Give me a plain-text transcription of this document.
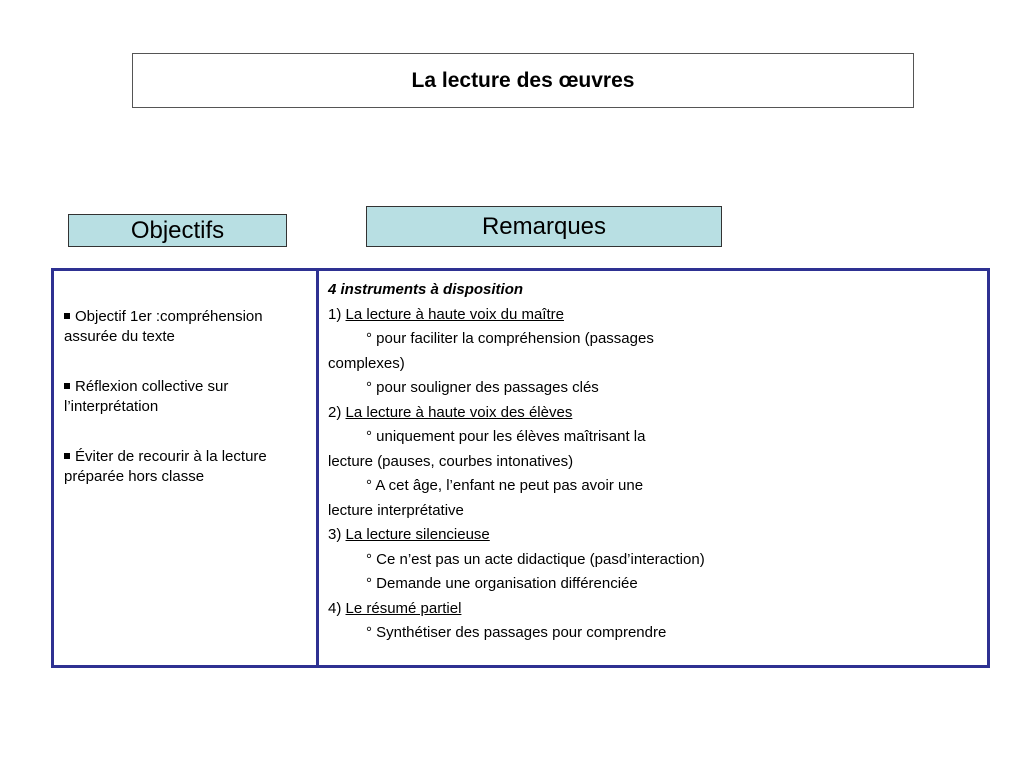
La lecture des œuvres
Objectifs	Remarques
Objectif 1er :compréhension assurée du texte
Réflexion collective sur l’interprétation
Éviter de recourir à la lecture préparée hors classe
4 instruments à disposition
1) La lecture à haute voix du maître
° pour faciliter la compréhension (passages
complexes)
° pour souligner des passages clés
2) La lecture à haute voix des élèves
° uniquement pour les élèves maîtrisant la
lecture (pauses, courbes intonatives)
° A cet âge, l’enfant ne peut pas avoir une
lecture interprétative
3) La lecture silencieuse
° Ce n’est pas un acte didactique (pasd’interaction)
° Demande une organisation différenciée
4) Le résumé partiel
° Synthétiser des passages pour comprendre
